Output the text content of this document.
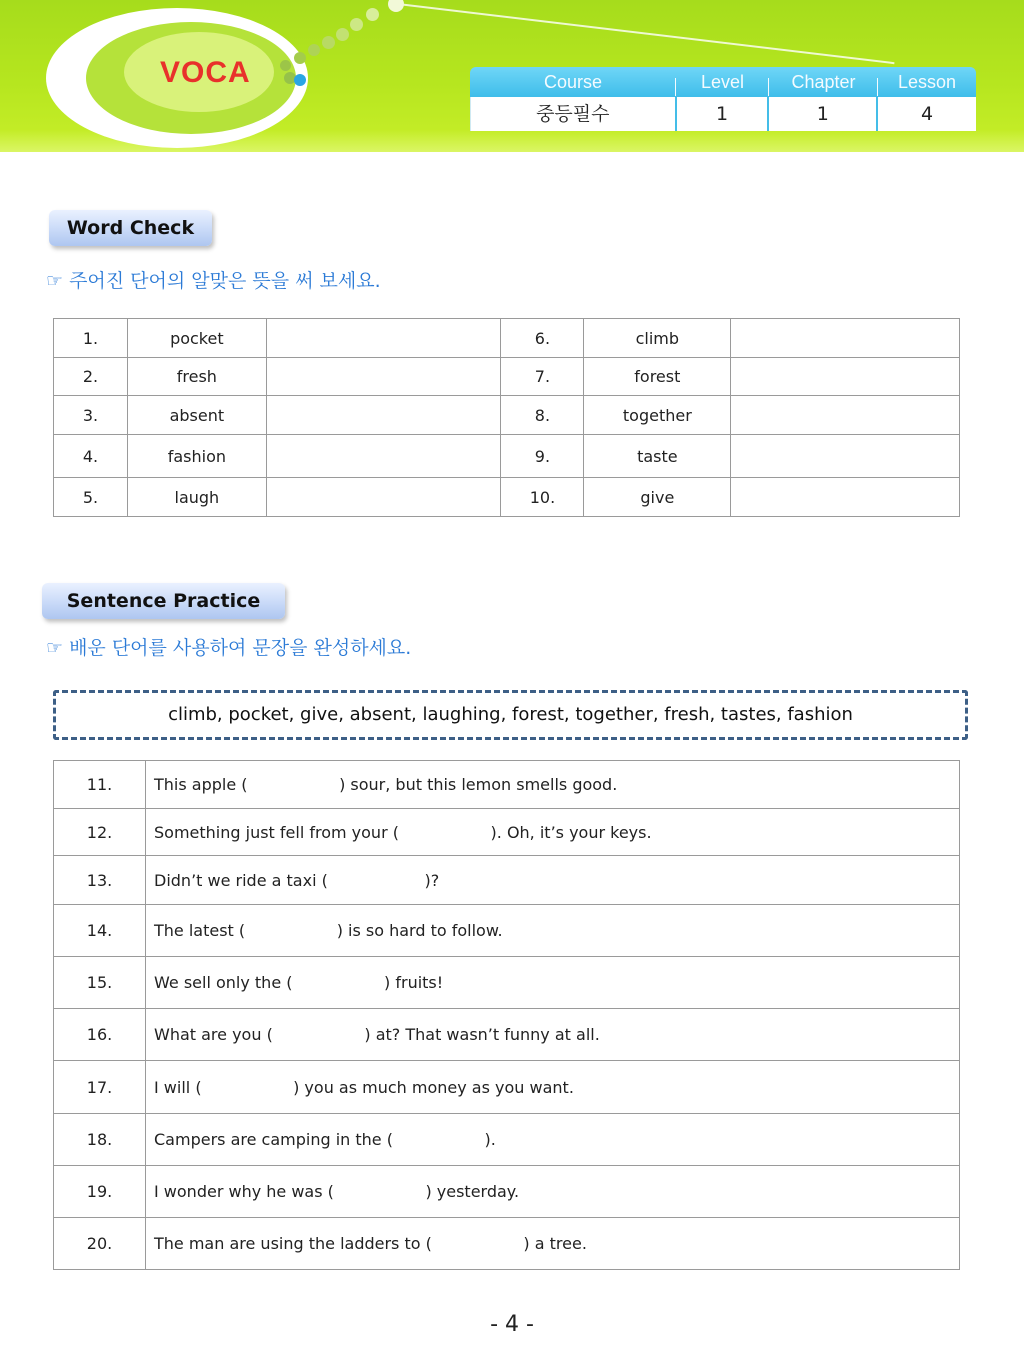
VOCA	Course	Level	Chapter	Lesson
중등필수	1	1	4
Word Check
☞ 주어진 단어의 알맞은 뜻을 써 보세요.
1.	pocket		6.	climb	
2.	fresh		7.	forest	
3.	absent		8.	together	
4.	fashion		9.	taste	
5.	laugh		10.	give	
Sentence Practice
☞ 배운 단어를 사용하여 문장을 완성하세요.
climb, pocket, give, absent, laughing, forest, together, fresh, tastes, fashion
11.	This apple (                  ) sour, but this lemon smells good.
12.	Something just fell from your (                  ). Oh, it’s your keys.
13.	Didn’t we ride a taxi (                   )?
14.	The latest (                  ) is so hard to follow.
15.	We sell only the (                  ) fruits!
16.	What are you (                  ) at? That wasn’t funny at all.
17.	I will (                  ) you as much money as you want.
18.	Campers are camping in the (                  ).
19.	I wonder why he was (                  ) yesterday.
20.	The man are using the ladders to (                  ) a tree.
- 4 -
